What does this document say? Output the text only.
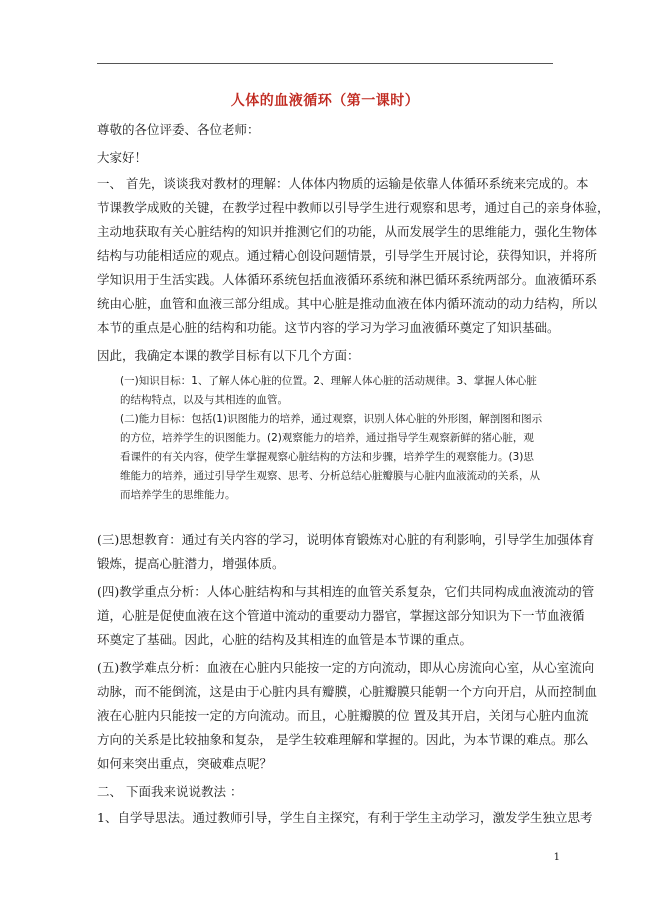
人体的血液循环（第一课时）

尊敬的各位评委、各位老师：

大家好！

一、 首先，谈谈我对教材的理解：人体体内物质的运输是依靠人体循环系统来完成的。本

节课教学成败的关键，在教学过程中教师以引导学生进行观察和思考，通过自己的亲身体验，

主动地获取有关心脏结构的知识并推测它们的功能，从而发展学生的思维能力，强化生物体

结构与功能相适应的观点。通过精心创设问题情景，引导学生开展讨论，获得知识，并将所

学知识用于生活实践。人体循环系统包括血液循环系统和淋巴循环系统两部分。血液循环系

统由心脏，血管和血液三部分组成。其中心脏是推动血液在体内循环流动的动力结构，所以

本节的重点是心脏的结构和功能。这节内容的学习为学习血液循环奠定了知识基础。

因此，我确定本课的教学目标有以下几个方面：

(一)知识目标：1、了解人体心脏的位置。2、理解人体心脏的活动规律。3、掌握人体心脏

的结构特点，以及与其相连的血管。

(二)能力目标：包括(1)识图能力的培养，通过观察，识别人体心脏的外形图，解剖图和图示

的方位，培养学生的识图能力。(2)观察能力的培养，通过指导学生观察新鲜的猪心脏，观

看课件的有关内容，使学生掌握观察心脏结构的方法和步骤，培养学生的观察能力。(3)思

维能力的培养，通过引导学生观察、思考、分析总结心脏瓣膜与心脏内血液流动的关系，从

而培养学生的思维能力。

(三)思想教育：通过有关内容的学习，说明体育锻炼对心脏的有利影响，引导学生加强体育

锻炼，提高心脏潜力，增强体质。

(四)教学重点分析：人体心脏结构和与其相连的血管关系复杂，它们共同构成血液流动的管

道，心脏是促使血液在这个管道中流动的重要动力器官，掌握这部分知识为下一节血液循

环奠定了基础。因此，心脏的结构及其相连的血管是本节课的重点。

(五)教学难点分析：血液在心脏内只能按一定的方向流动，即从心房流向心室，从心室流向

动脉，而不能倒流，这是由于心脏内具有瓣膜，心脏瓣膜只能朝一个方向开启，从而控制血

液在心脏内只能按一定的方向流动。而且，心脏瓣膜的位 置及其开启，关闭与心脏内血流

方向的关系是比较抽象和复杂， 是学生较难理解和掌握的。因此，为本节课的难点。那么

如何来突出重点，突破难点呢？

二、 下面我来说说教法 ：

1、自学导思法。通过教师引导，学生自主探究，有利于学生主动学习，激发学生独立思考

1
